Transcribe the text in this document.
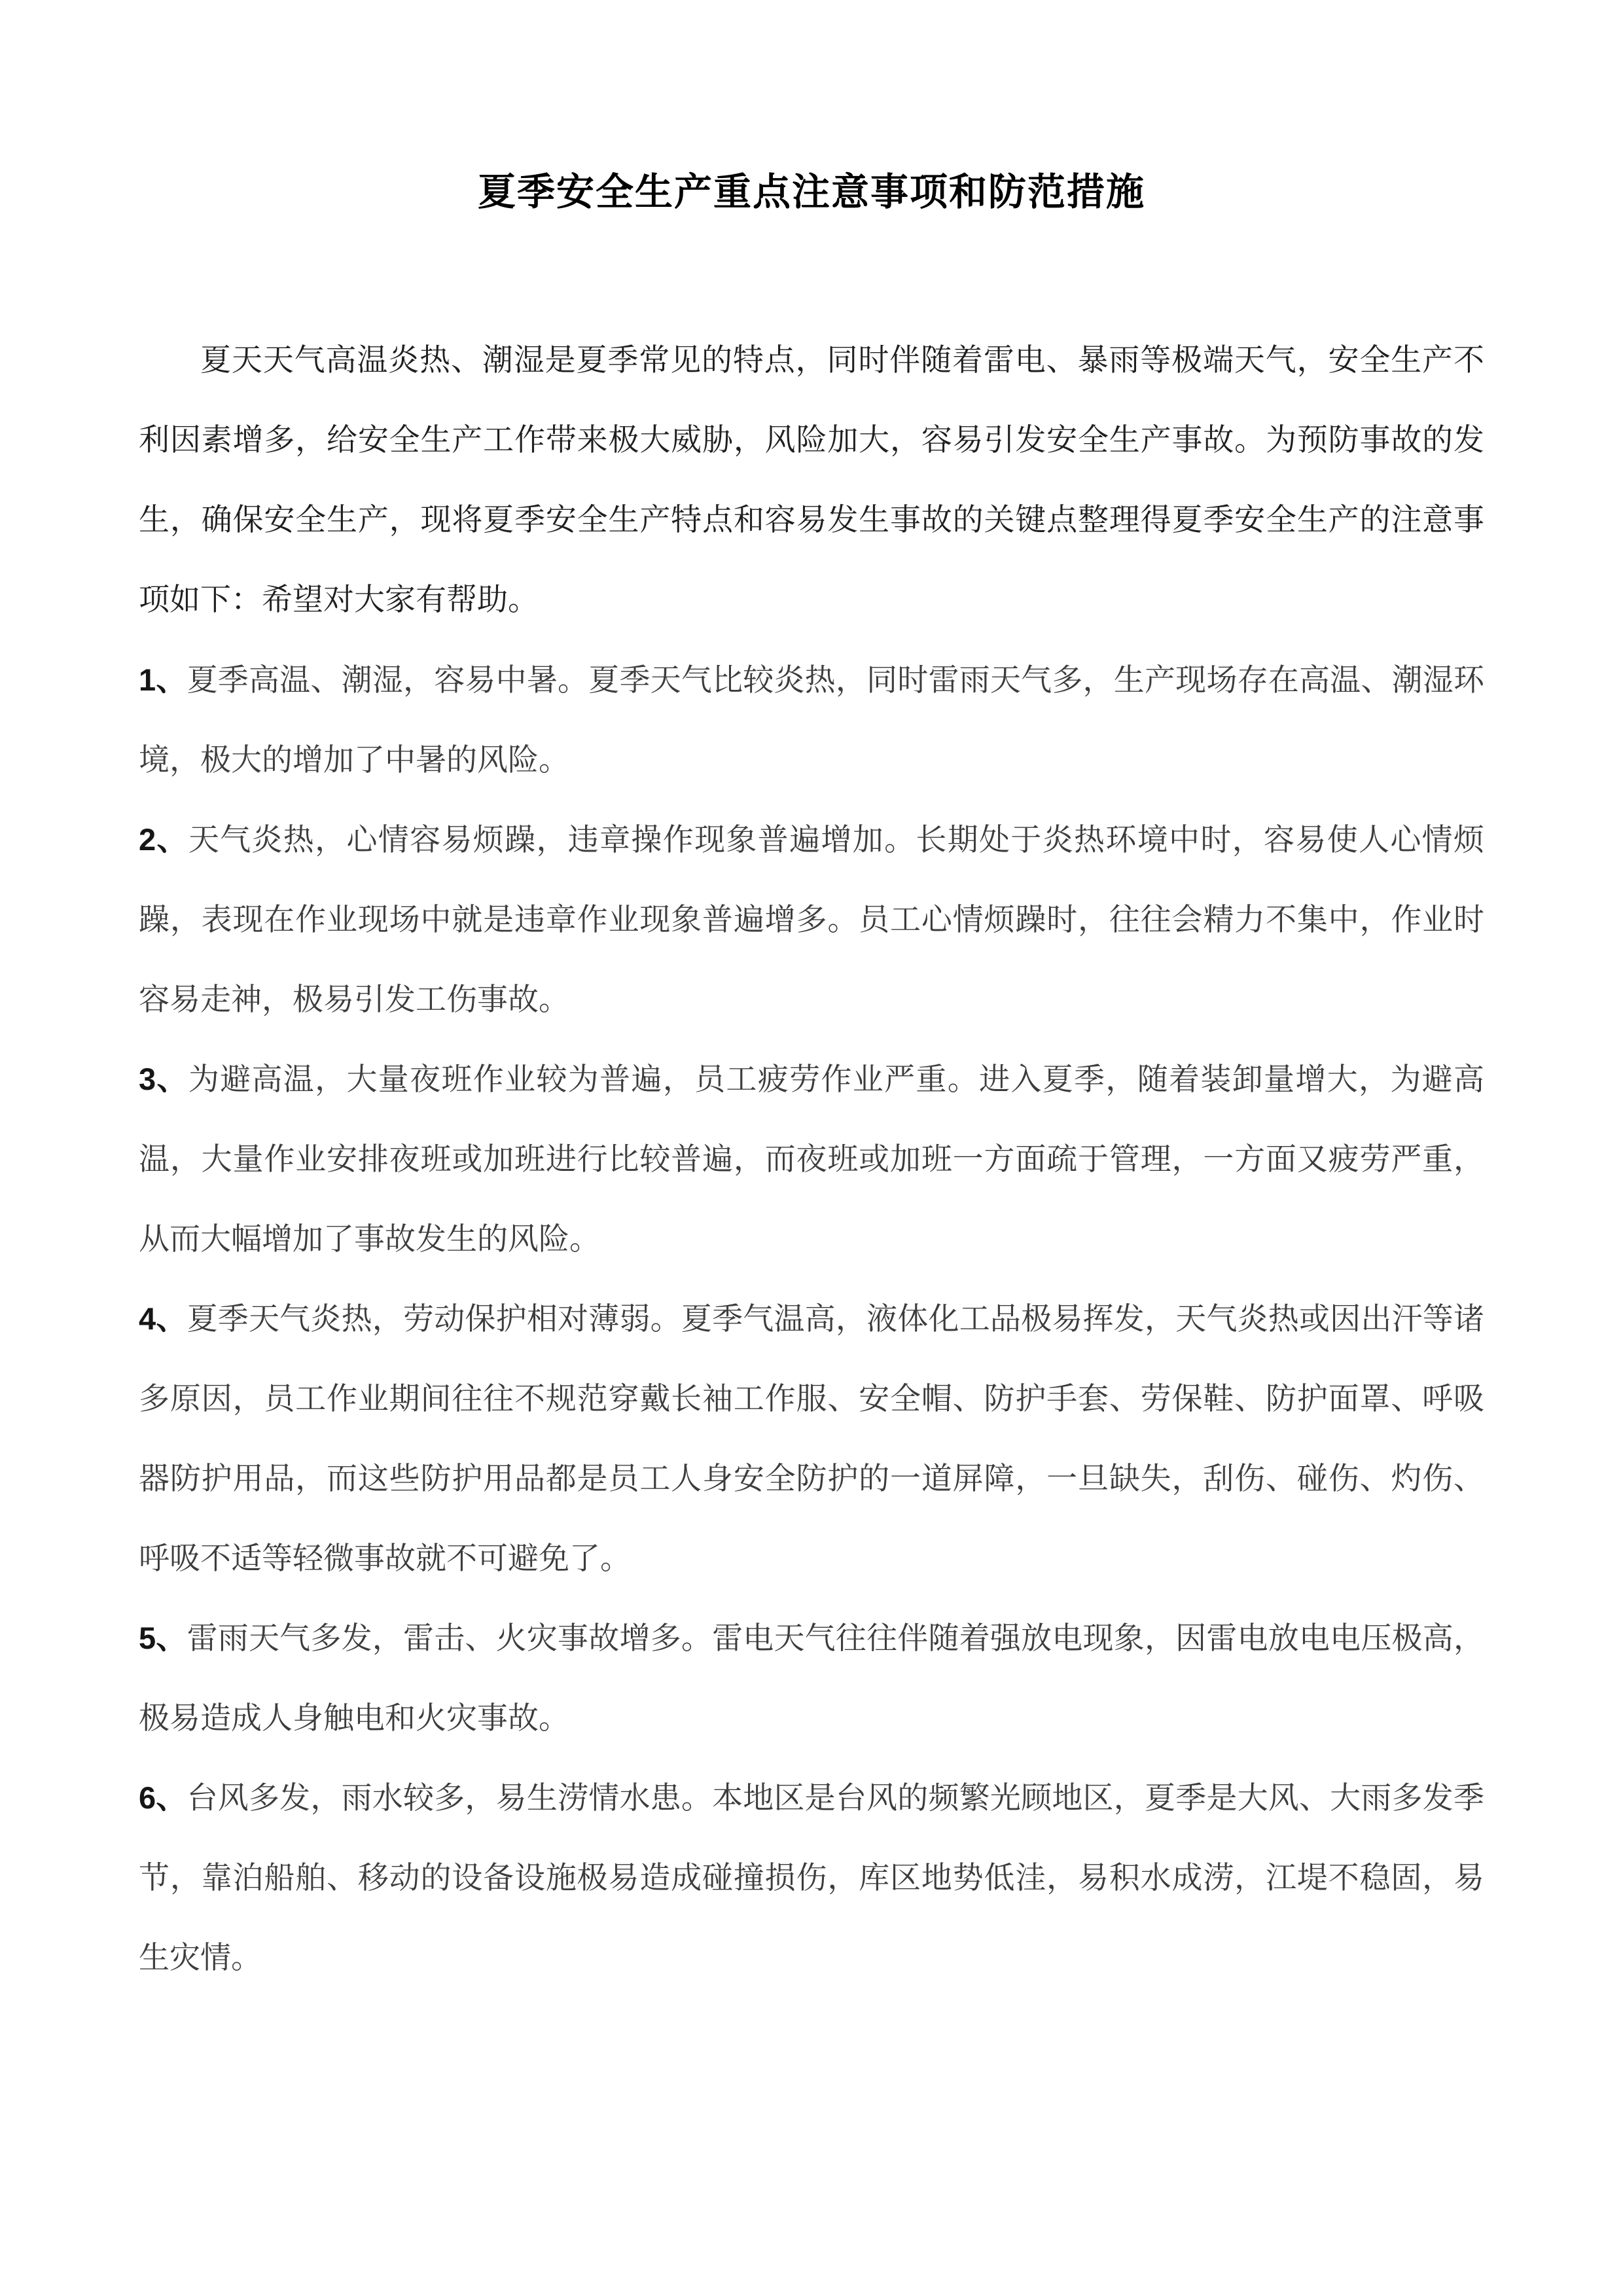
夏季安全生产重点注意事项和防范措施

夏天天气高温炎热、潮湿是夏季常见的特点，同时伴随着雷电、暴雨等极端天气，安全生产不利因素增多，给安全生产工作带来极大威胁，风险加大，容易引发安全生产事故。为预防事故的发生，确保安全生产，现将夏季安全生产特点和容易发生事故的关键点整理得夏季安全生产的注意事项如下：希望对大家有帮助。

1、夏季高温、潮湿，容易中暑。夏季天气比较炎热，同时雷雨天气多，生产现场存在高温、潮湿环境，极大的增加了中暑的风险。

2、天气炎热，心情容易烦躁，违章操作现象普遍增加。长期处于炎热环境中时，容易使人心情烦躁，表现在作业现场中就是违章作业现象普遍增多。员工心情烦躁时，往往会精力不集中，作业时容易走神，极易引发工伤事故。

3、为避高温，大量夜班作业较为普遍，员工疲劳作业严重。进入夏季，随着装卸量增大，为避高温，大量作业安排夜班或加班进行比较普遍，而夜班或加班一方面疏于管理，一方面又疲劳严重，从而大幅增加了事故发生的风险。

4、夏季天气炎热，劳动保护相对薄弱。夏季气温高，液体化工品极易挥发，天气炎热或因出汗等诸多原因，员工作业期间往往不规范穿戴长袖工作服、安全帽、防护手套、劳保鞋、防护面罩、呼吸器防护用品，而这些防护用品都是员工人身安全防护的一道屏障，一旦缺失，刮伤、碰伤、灼伤、呼吸不适等轻微事故就不可避免了。

5、雷雨天气多发，雷击、火灾事故增多。雷电天气往往伴随着强放电现象，因雷电放电电压极高，极易造成人身触电和火灾事故。

6、台风多发，雨水较多，易生涝情水患。本地区是台风的频繁光顾地区，夏季是大风、大雨多发季节，靠泊船舶、移动的设备设施极易造成碰撞损伤，库区地势低洼，易积水成涝，江堤不稳固，易生灾情。
